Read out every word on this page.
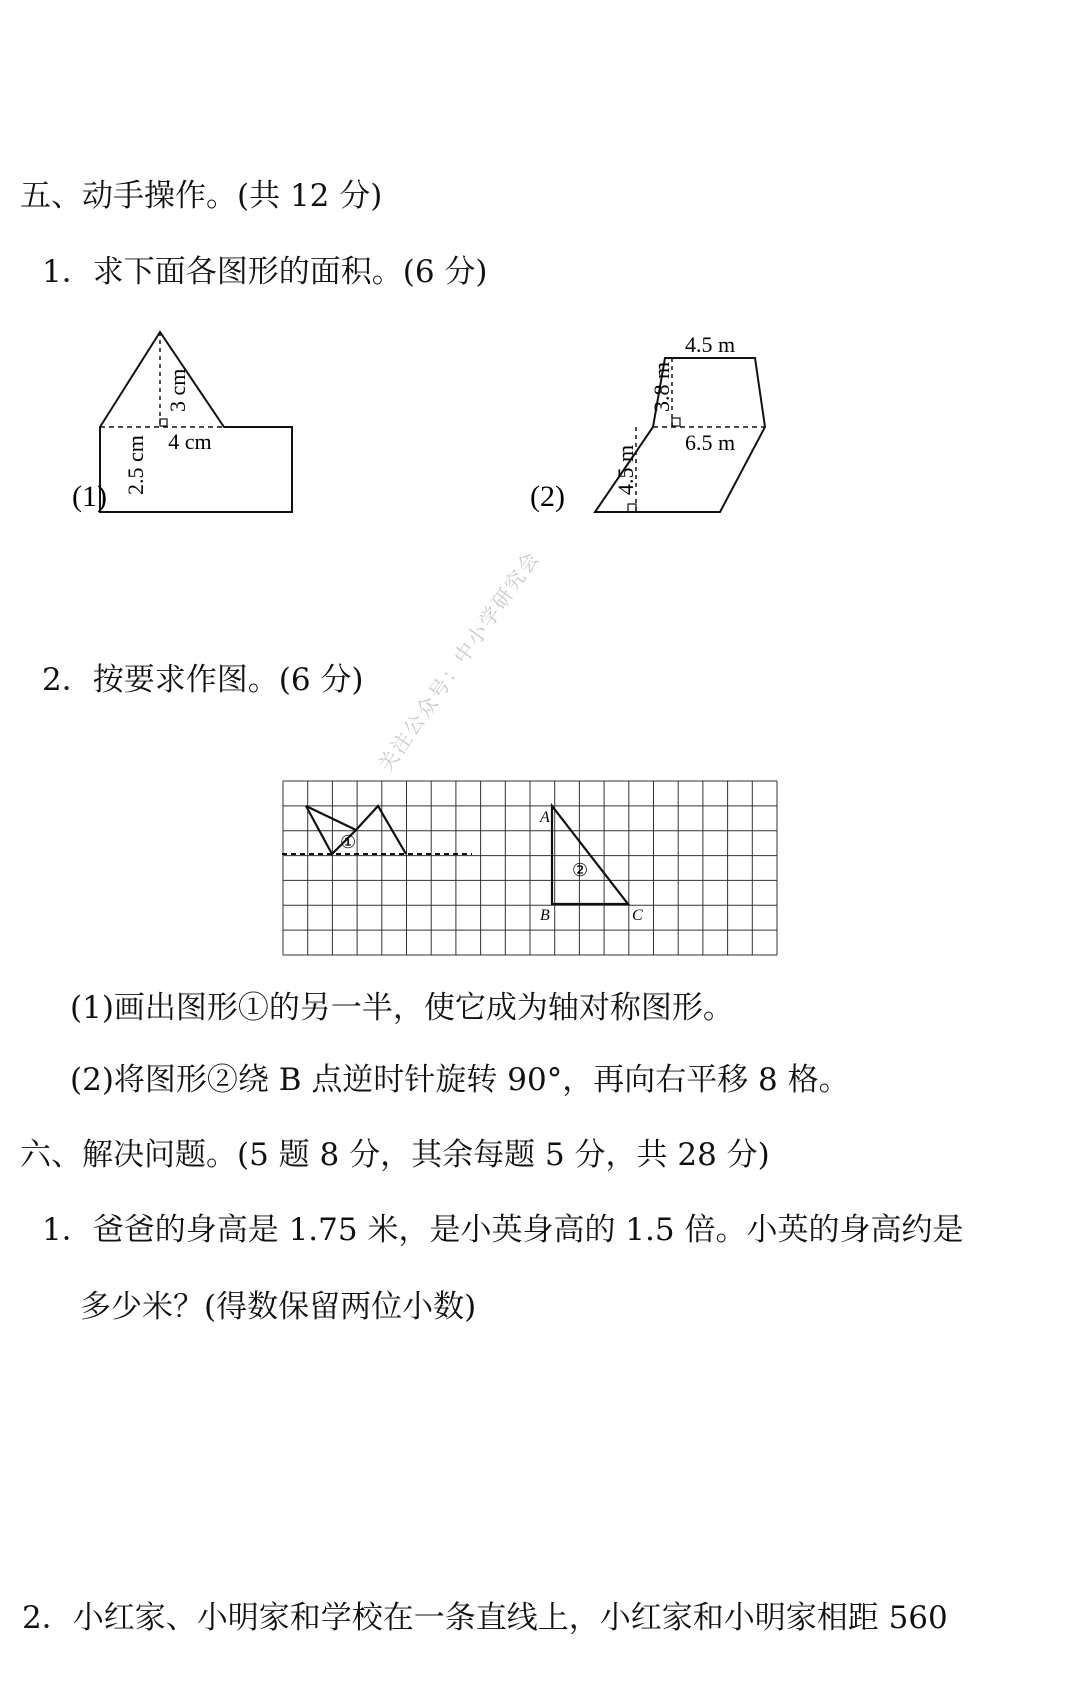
五、动手操作。(共 12 分)
1．求下面各图形的面积。(6 分)
(1)
4 cm
3 cm
2.5 cm
(2)
4.5 m
6.5 m
3.8 m
4.5 m
2．按要求作图。(6 分)
①
②
A
B	C
关注公众号：中小学研究会
(1)画出图形①的另一半，使它成为轴对称图形。
(2)将图形②绕 B 点逆时针旋转 90°，再向右平移 8 格。
六、解决问题。(5 题 8 分，其余每题 5 分，共 28 分)
1．爸爸的身高是 1.75 米，是小英身高的 1.5 倍。小英的身高约是
多少米？(得数保留两位小数)
2．小红家、小明家和学校在一条直线上，小红家和小明家相距 560
